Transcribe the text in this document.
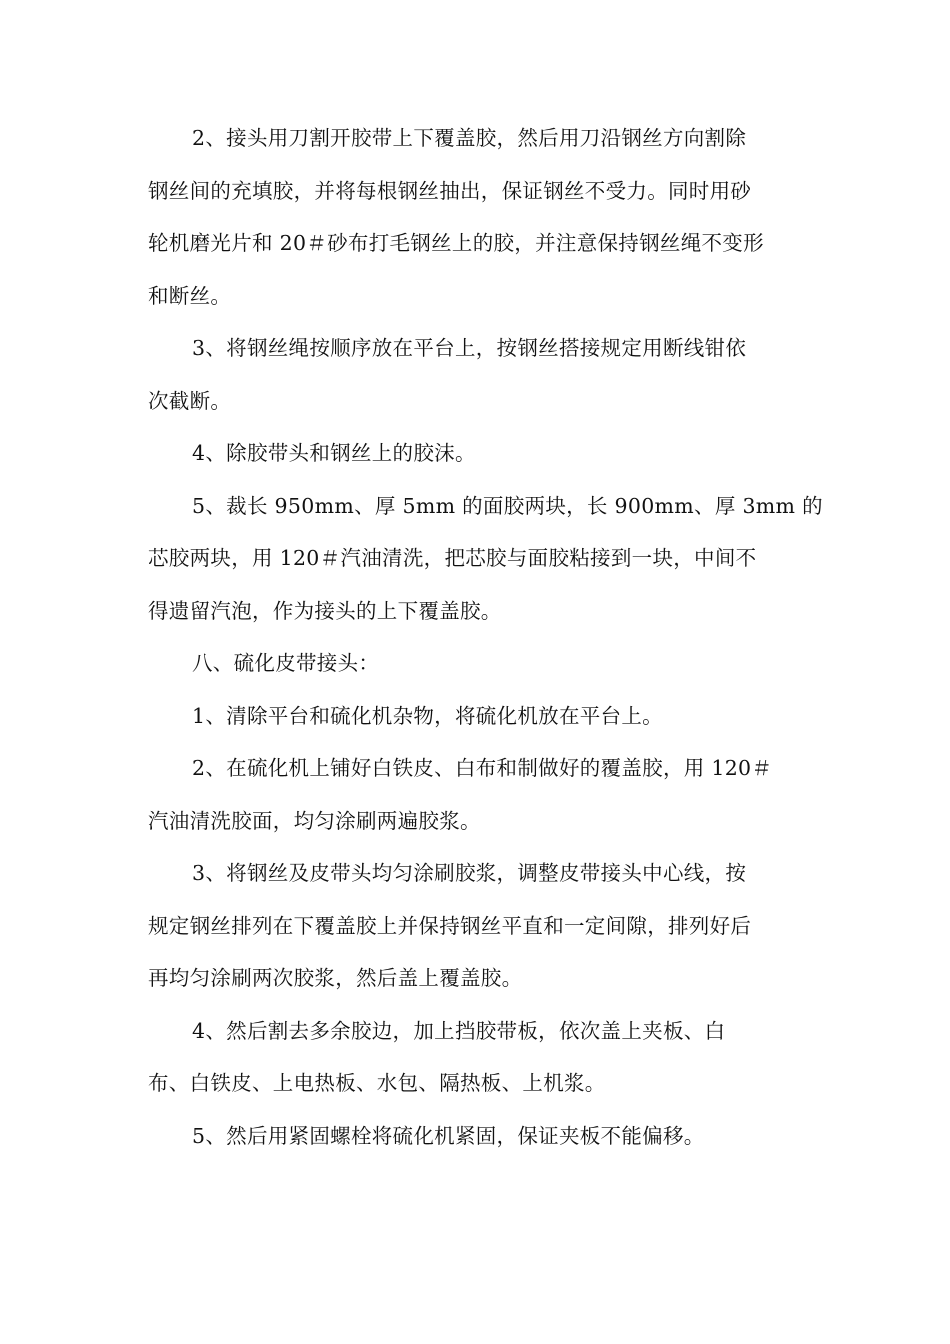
2、接头用刀割开胶带上下覆盖胶，然后用刀沿钢丝方向割除
钢丝间的充填胶，并将每根钢丝抽出，保证钢丝不受力。同时用砂
轮机磨光片和 20＃砂布打毛钢丝上的胶，并注意保持钢丝绳不变形
和断丝。
3、将钢丝绳按顺序放在平台上，按钢丝搭接规定用断线钳依
次截断。
4、除胶带头和钢丝上的胶沫。
5、裁长 950mm、厚 5mm 的面胶两块，长 900mm、厚 3mm 的
芯胶两块，用 120＃汽油清洗，把芯胶与面胶粘接到一块，中间不
得遗留汽泡，作为接头的上下覆盖胶。
八、硫化皮带接头：
1、清除平台和硫化机杂物，将硫化机放在平台上。
2、在硫化机上铺好白铁皮、白布和制做好的覆盖胶，用 120＃
汽油清洗胶面，均匀涂刷两遍胶浆。
3、将钢丝及皮带头均匀涂刷胶浆，调整皮带接头中心线，按
规定钢丝排列在下覆盖胶上并保持钢丝平直和一定间隙，排列好后
再均匀涂刷两次胶浆，然后盖上覆盖胶。
4、然后割去多余胶边，加上挡胶带板，依次盖上夹板、白
布、白铁皮、上电热板、水包、隔热板、上机浆。
5、然后用紧固螺栓将硫化机紧固，保证夹板不能偏移。
